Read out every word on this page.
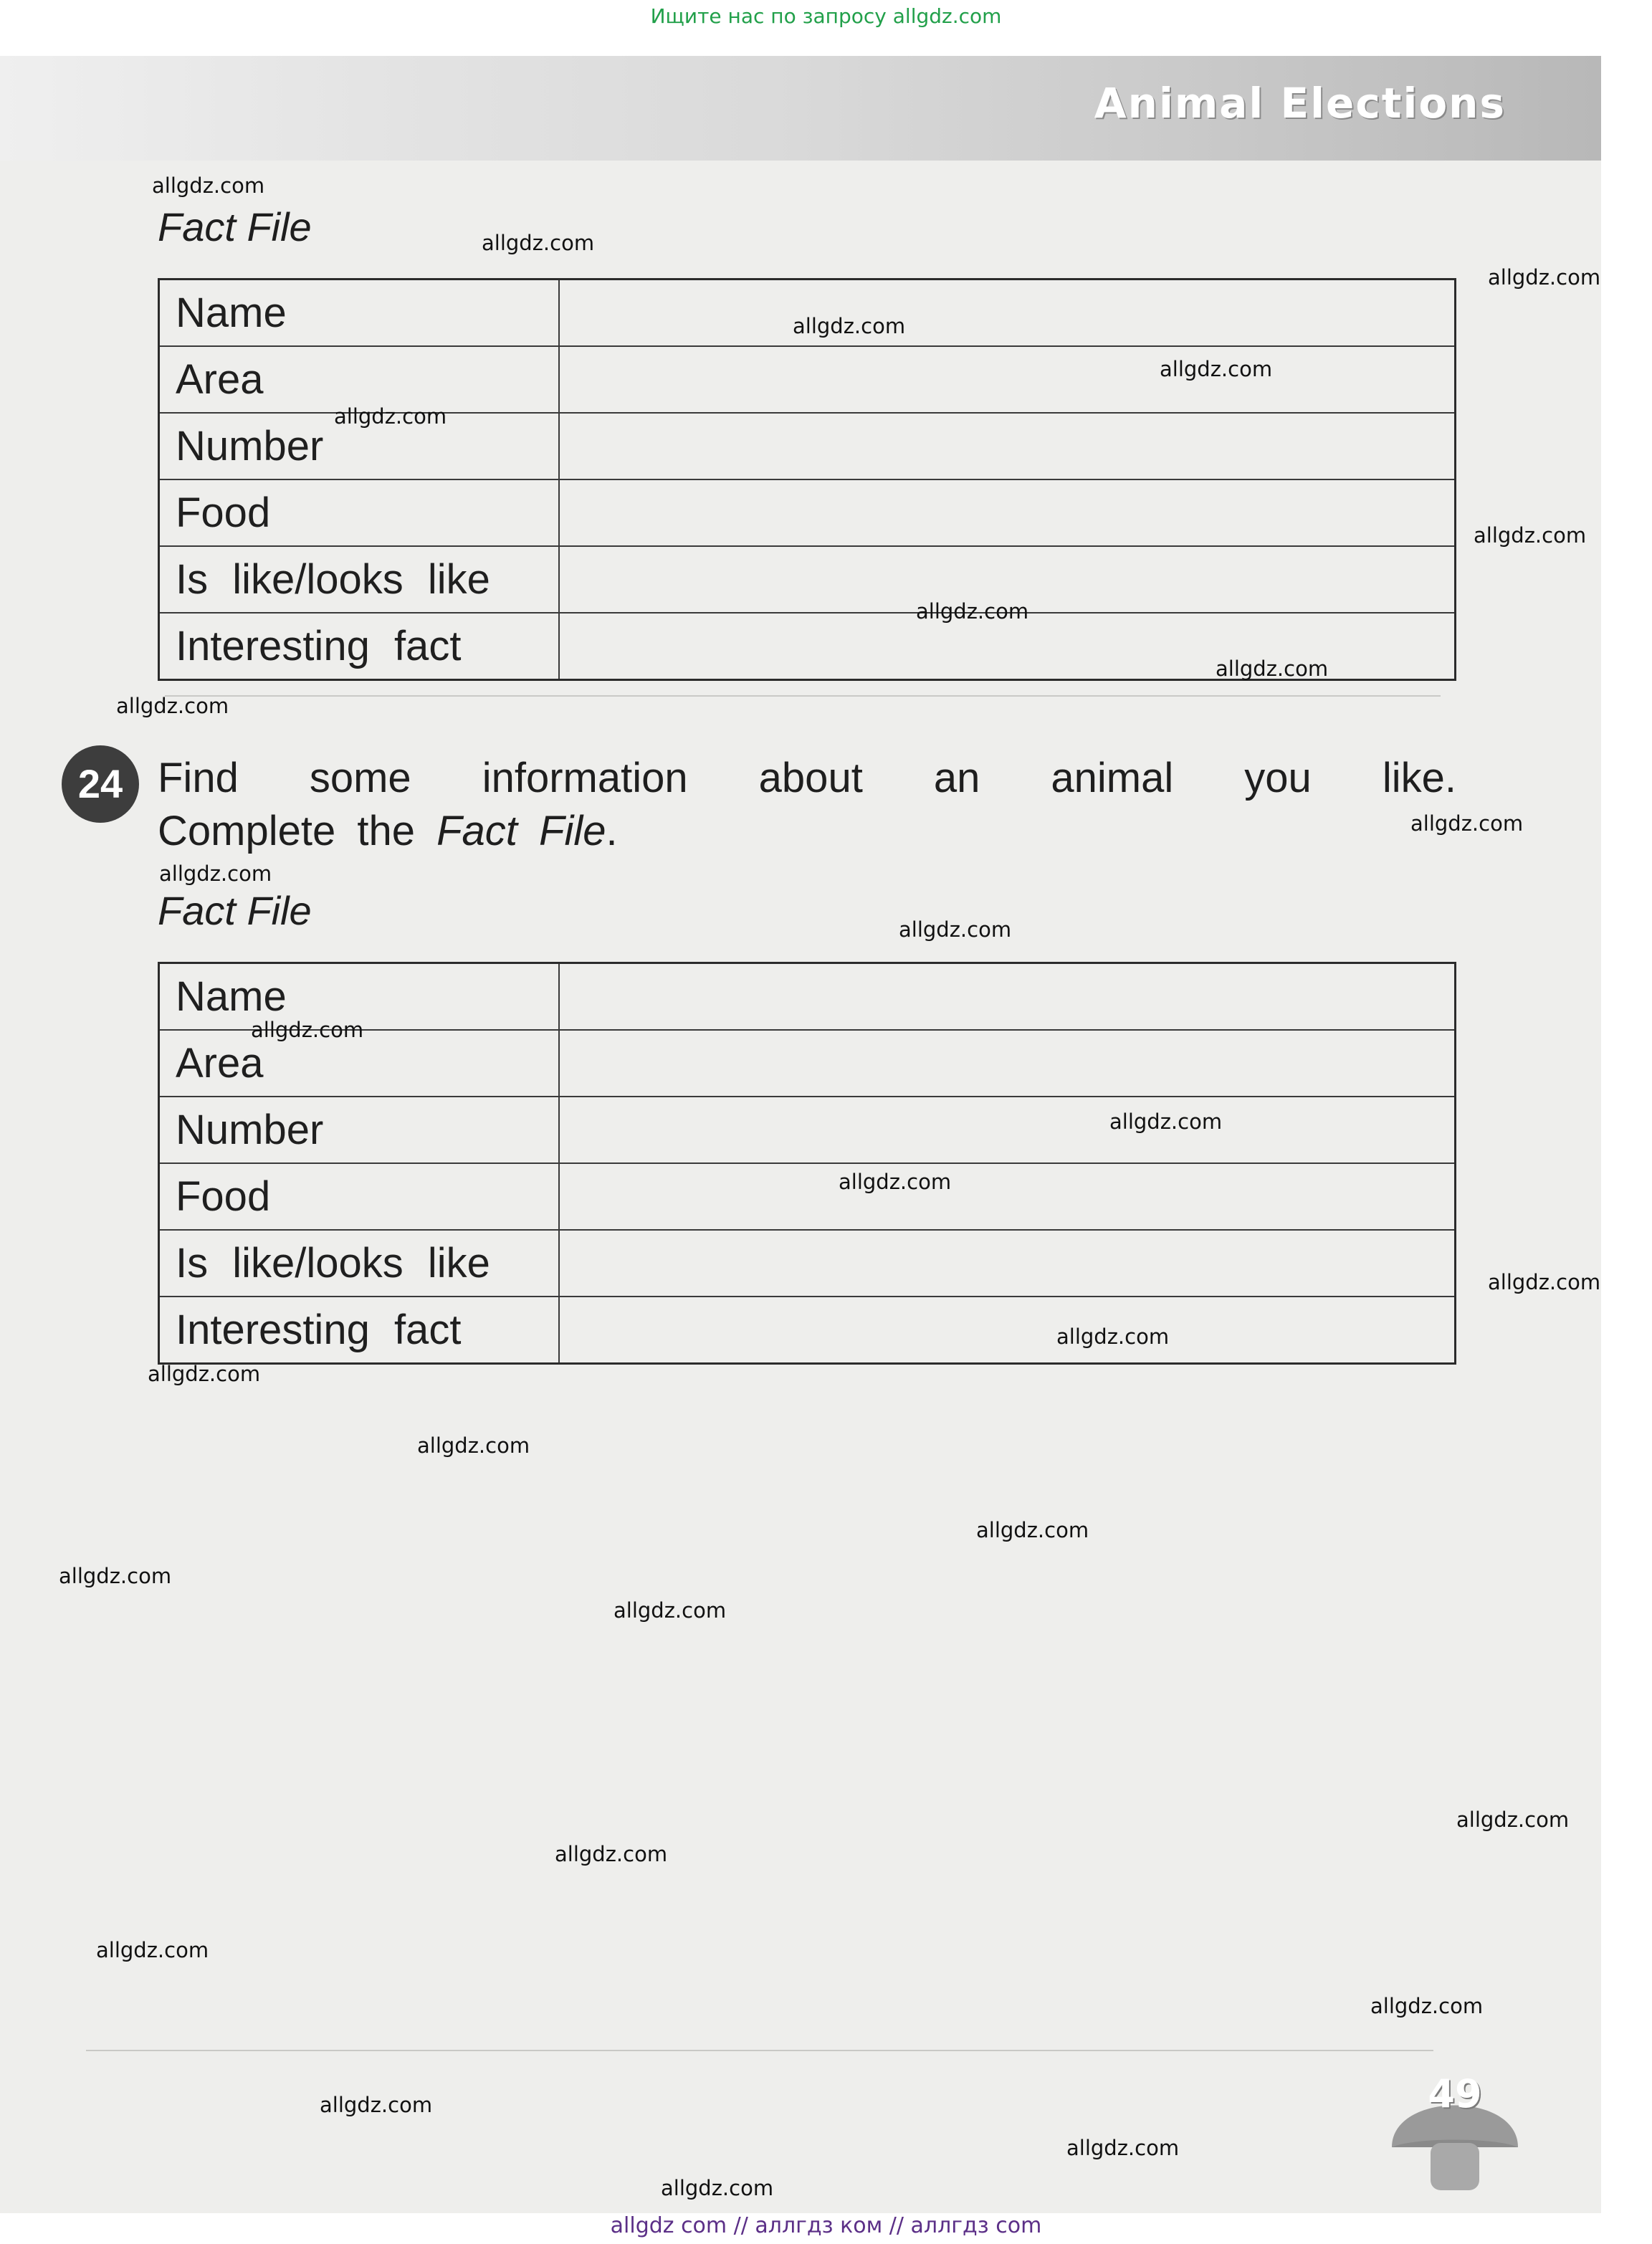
Ищите нас по запросу allgdz.com
Animal Elections
Fact File
Name	
Area	
Number	
Food	
Is like/looks like	
Interesting fact	
24 Find some information about an animal you like.
Complete the Fact File.
Fact File
Name	
Area	
Number	
Food	
Is like/looks like	
Interesting fact	
allgdz.com
allgdz.com
allgdz.com
allgdz.com
allgdz.com
allgdz.com
allgdz.com
allgdz.com
allgdz.com
allgdz.com
allgdz.com
allgdz.com
allgdz.com
allgdz.com
allgdz.com
allgdz.com
allgdz.com
allgdz.com
allgdz.com
allgdz.com
allgdz.com
allgdz.com
allgdz.com
allgdz.com
allgdz.com
allgdz.com
allgdz.com
allgdz.com
allgdz.com
allgdz.com
49
allgdz com // аллгдз ком // аллгдз com
